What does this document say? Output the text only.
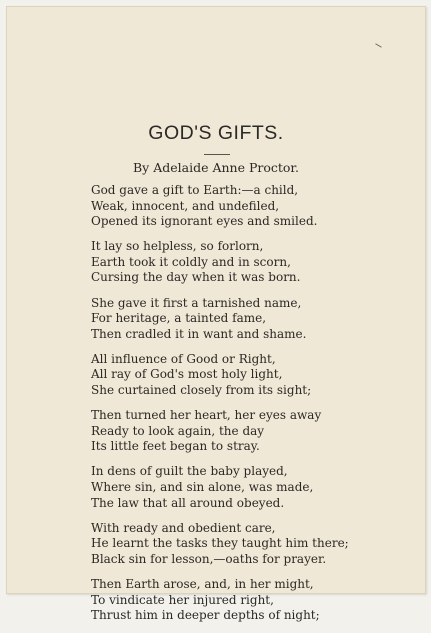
GOD'S GIFTS.
By Adelaide Anne Proctor.
God gave a gift to Earth:—a child,
Weak, innocent, and undefiled,
Opened its ignorant eyes and smiled.
It lay so helpless, so forlorn,
Earth took it coldly and in scorn,
Cursing the day when it was born.
She gave it first a tarnished name,
For heritage, a tainted fame,
Then cradled it in want and shame.
All influence of Good or Right,
All ray of God's most holy light,
She curtained closely from its sight;
Then turned her heart, her eyes away
Ready to look again, the day
Its little feet began to stray.
In dens of guilt the baby played,
Where sin, and sin alone, was made,
The law that all around obeyed.
With ready and obedient care,
He learnt the tasks they taught him there;
Black sin for lesson,—oaths for prayer.
Then Earth arose, and, in her might,
To vindicate her injured right,
Thrust him in deeper depths of night;
